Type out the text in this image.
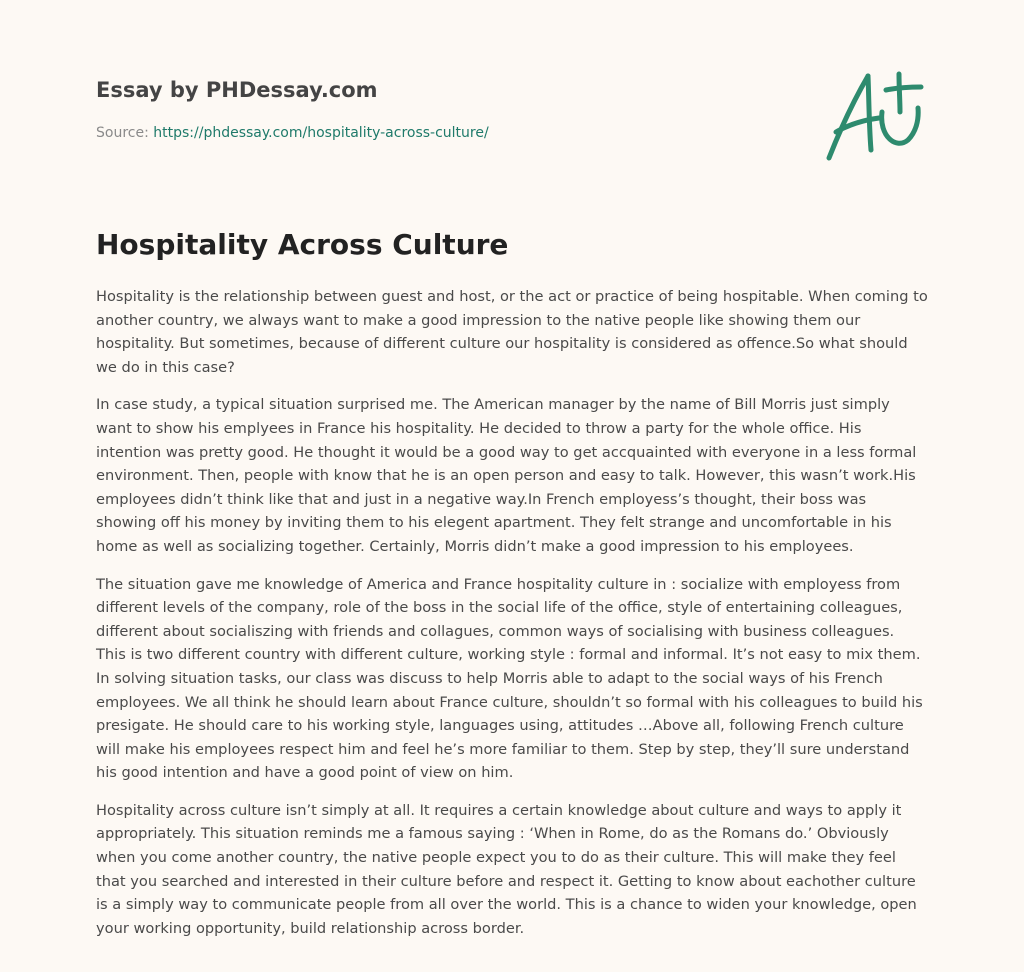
Essay by PHDessay.com
Source: https://phdessay.com/hospitality-across-culture/
Hospitality Across Culture

Hospitality is the relationship between guest and host, or the act or practice of being hospitable. When coming to another country, we always want to make a good impression to the native people like showing them our hospitality. But sometimes, because of different culture our hospitality is considered as offence.So what should we do in this case?

In case study, a typical situation surprised me. The American manager by the name of Bill Morris just simply want to show his emplyees in France his hospitality. He decided to throw a party for the whole office. His intention was pretty good. He thought it would be a good way to get accquainted with everyone in a less formal environment. Then, people with know that he is an open person and easy to talk. However, this wasn’t work.His employees didn’t think like that and just in a negative way.In French employess’s thought, their boss was showing off his money by inviting them to his elegent apartment. They felt strange and uncomfortable in his home as well as socializing together. Certainly, Morris didn’t make a good impression to his employees.

The situation gave me knowledge of America and France hospitality culture in : socialize with employess from different levels of the company, role of the boss in the social life of the office, style of entertaining colleagues, different about socialiszing with friends and collagues, common ways of socialising with business colleagues. This is two different country with different culture, working style : formal and informal. It’s not easy to mix them. In solving situation tasks, our class was discuss to help Morris able to adapt to the social ways of his French employees. We all think he should learn about France culture, shouldn’t so formal with his colleagues to build his presigate. He should care to his working style, languages using, attitudes …Above all, following French culture will make his employees respect him and feel he’s more familiar to them. Step by step, they’ll sure understand his good intention and have a good point of view on him.

Hospitality across culture isn’t simply at all. It requires a certain knowledge about culture and ways to apply it appropriately. This situation reminds me a famous saying : ‘When in Rome, do as the Romans do.’ Obviously when you come another country, the native people expect you to do as their culture. This will make they feel that you searched and interested in their culture before and respect it. Getting to know about eachother culture is a simply way to communicate people from all over the world. This is a chance to widen your knowledge, open your working opportunity, build relationship across border.
